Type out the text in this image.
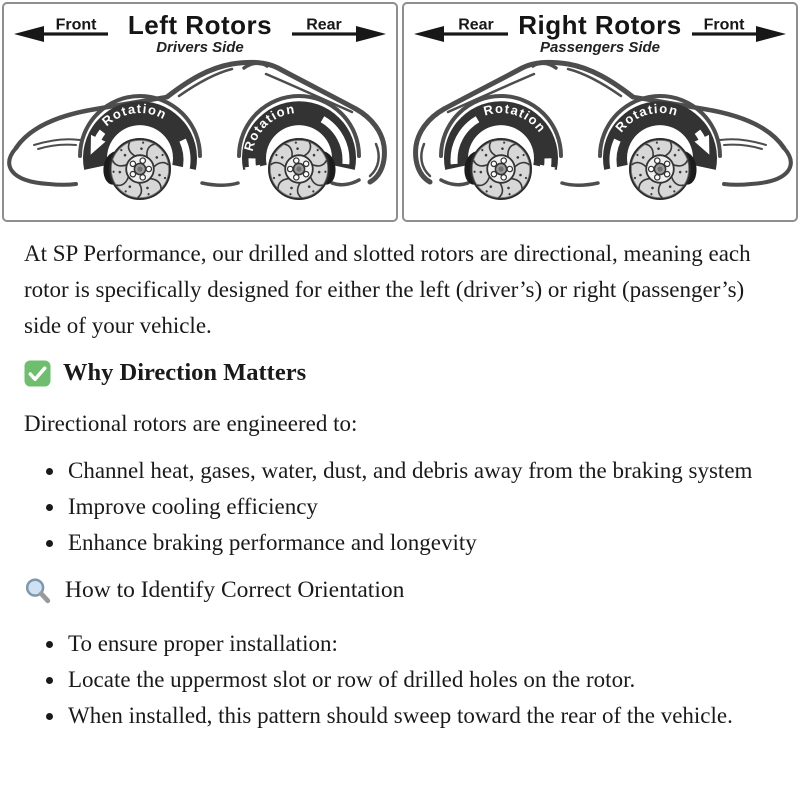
Front	Left Rotors
Drivers Side
Rear	Rear Right Rotors
Passengers Side
Front

At SP Performance, our drilled and slotted rotors are directional, meaning each rotor is specifically designed for either the left (driver’s) or right (passenger’s) side of your vehicle.

Why Direction Matters

Directional rotors are engineered to:

• Channel heat, gases, water, dust, and debris away from the braking system
• Improve cooling efficiency
• Enhance braking performance and longevity
How to Identify Correct Orientation
• To ensure proper installation:
• Locate the uppermost slot or row of drilled holes on the rotor.
• When installed, this pattern should sweep toward the rear of the vehicle.
